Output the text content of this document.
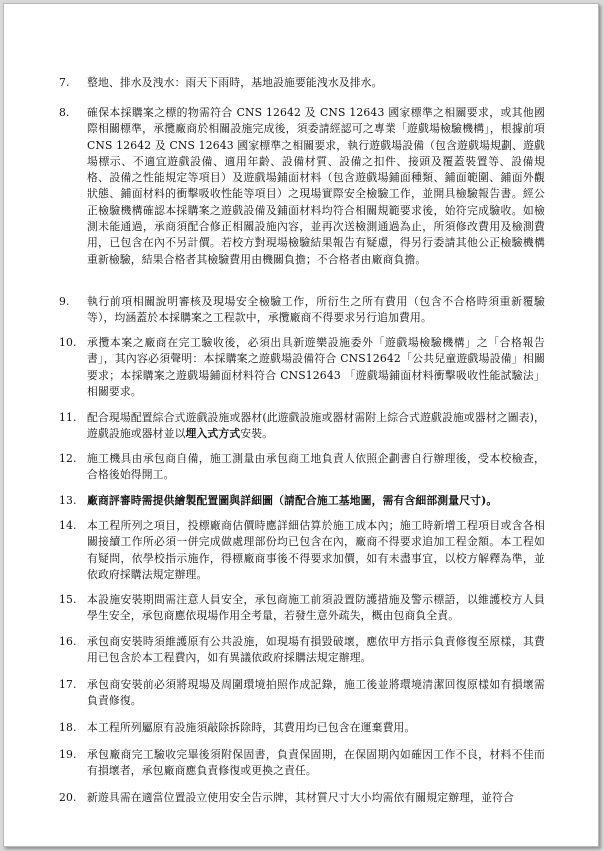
7.	整地、排水及洩水：雨天下雨時，基地設施要能洩水及排水。
8.	確保本採購案之標的物需符合 CNS 12642 及 CNS 12643 國家標準之相關要求，或其他國際相關標準，承攬廠商於相關設施完成後，須委請經認可之專業「遊戲場檢驗機構」，根據前項 CNS 12642 及 CNS 12643 國家標準之相關要求，執行遊戲場設備（包含遊戲場規劃、遊戲場標示、不適宜遊戲設備、適用年齡、設備材質、設備之扣件、接頭及覆蓋裝置等、設備規格、設備之性能規定等項目）及遊戲場鋪面材料（包含遊戲場鋪面種類、鋪面範圍、鋪面外觀狀態、鋪面材料的衝擊吸收性能等項目）之現場實際安全檢驗工作，並開具檢驗報告書。經公正檢驗機構確認本採購案之遊戲設備及鋪面材料均符合相關規範要求後，始符完成驗收。如檢測未能通過，承商須配合修正相關設施內容，並再次送檢測通過為止，所須修改費用及檢測費用，已包含在內不另計價。若校方對現場檢驗結果報告有疑慮，得另行委請其他公正檢驗機構重新檢驗，結果合格者其檢驗費用由機關負擔；不合格者由廠商負擔。
9.	執行前項相關說明審核及現場安全檢驗工作，所衍生之所有費用（包含不合格時須重新覆驗等），均涵蓋於本採購案之工程款中，承攬廠商不得要求另行追加費用。
10. 承攬本案之廠商在完工驗收後，必須出具新遊樂設施委外「遊戲場檢驗機構」之「合格報告書」，其內容必須聲明：本採購案之遊戲場設備符合 CNS12642「公共兒童遊戲場設備」相關要求；本採購案之遊戲場鋪面材料符合 CNS12643 「遊戲場鋪面材料衝擊吸收性能試驗法」相關要求。
11. 配合現場配置綜合式遊戲設施或器材(此遊戲設施或器材需附上綜合式遊戲設施或器材之圖表)，遊戲設施或器材並以埋入式方式安裝。
12. 施工機具由承包商自備，施工測量由承包商工地負責人依照企劃書自行辦理後，受本校檢查，合格後始得開工。
13. 廠商評審時需提供繪製配置圖與詳細圖（請配合施工基地圖，需有含細部測量尺寸)。
14. 本工程所列之項目，投標廠商估價時應詳細估算於施工成本內；施工時新增工程項目或含各相關接續工作所必須一併完成做處理部份均已包含在內，廠商不得要求追加工程金額。本工程如有疑問，依學校指示施作，得標廠商事後不得要求加價，如有未盡事宜，以校方解釋為準，並依政府採購法規定辦理。
15. 本設施安裝期間需注意人員安全，承包商施工前須設置防護措施及警示標語，以維護校方人員學生安全，承包商應依現場作用全考量，若發生意外疏失，概由包商負全責。
16. 承包商安裝時須維護原有公共設施，如現場有損毀破壞，應依甲方指示負責修復至原樣，其費用已包含於本工程費內，如有異議依政府採購法規定辦理。
17. 承包商安裝前必須將現場及周圍環境拍照作成記錄，施工後並將環境清潔回復原樣如有損壞需負責修復。
18. 本工程所列屬原有設施須敲除拆除時，其費用均已包含在運棄費用。
19. 承包廠商完工驗收完畢後須附保固書，負責保固期，在保固期內如確因工作不良，材料不佳而有損壞者，承包廠商應負責修復或更換之責任。
20. 新遊具需在適當位置設立使用安全告示牌，其材質尺寸大小均需依有關規定辦理，並符合
